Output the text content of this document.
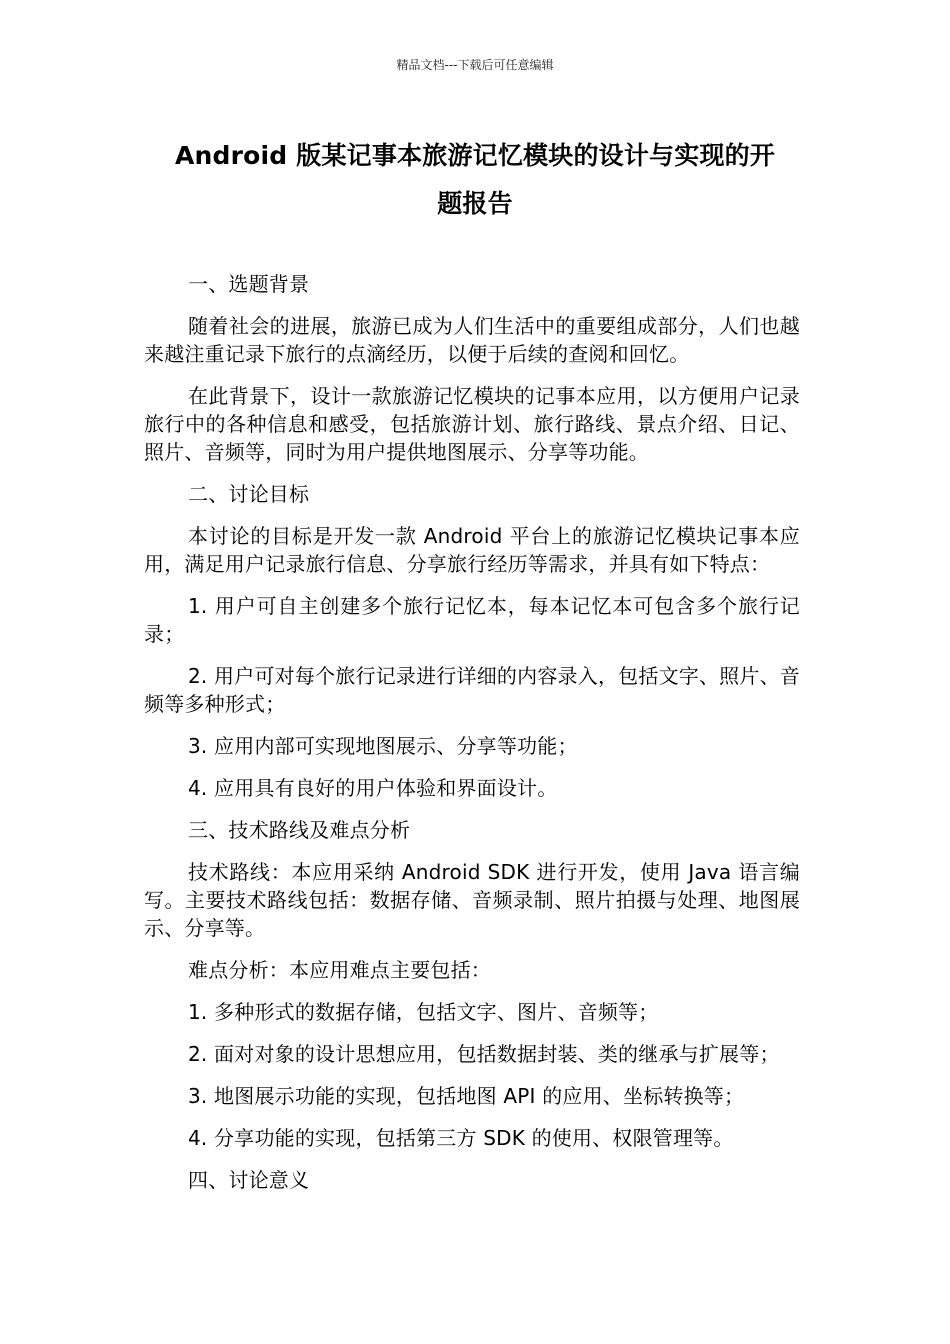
精品文档---下载后可任意编辑
Android 版某记事本旅游记忆模块的设计与实现的开
题报告

一、选题背景

随着社会的进展，旅游已成为人们生活中的重要组成部分，人们也越来越注重记录下旅行的点滴经历，以便于后续的查阅和回忆。

在此背景下，设计一款旅游记忆模块的记事本应用，以方便用户记录旅行中的各种信息和感受，包括旅游计划、旅行路线、景点介绍、日记、照片、音频等，同时为用户提供地图展示、分享等功能。

二、讨论目标

本讨论的目标是开发一款 Android 平台上的旅游记忆模块记事本应用，满足用户记录旅行信息、分享旅行经历等需求，并具有如下特点：

1. 用户可自主创建多个旅行记忆本，每本记忆本可包含多个旅行记录；

2. 用户可对每个旅行记录进行详细的内容录入，包括文字、照片、音频等多种形式；

3. 应用内部可实现地图展示、分享等功能；

4. 应用具有良好的用户体验和界面设计。

三、技术路线及难点分析

技术路线：本应用采纳 Android SDK 进行开发，使用 Java 语言编写。主要技术路线包括：数据存储、音频录制、照片拍摄与处理、地图展示、分享等。

难点分析：本应用难点主要包括：

1. 多种形式的数据存储，包括文字、图片、音频等；

2. 面对对象的设计思想应用，包括数据封装、类的继承与扩展等；

3. 地图展示功能的实现，包括地图 API 的应用、坐标转换等；

4. 分享功能的实现，包括第三方 SDK 的使用、权限管理等。

四、讨论意义
